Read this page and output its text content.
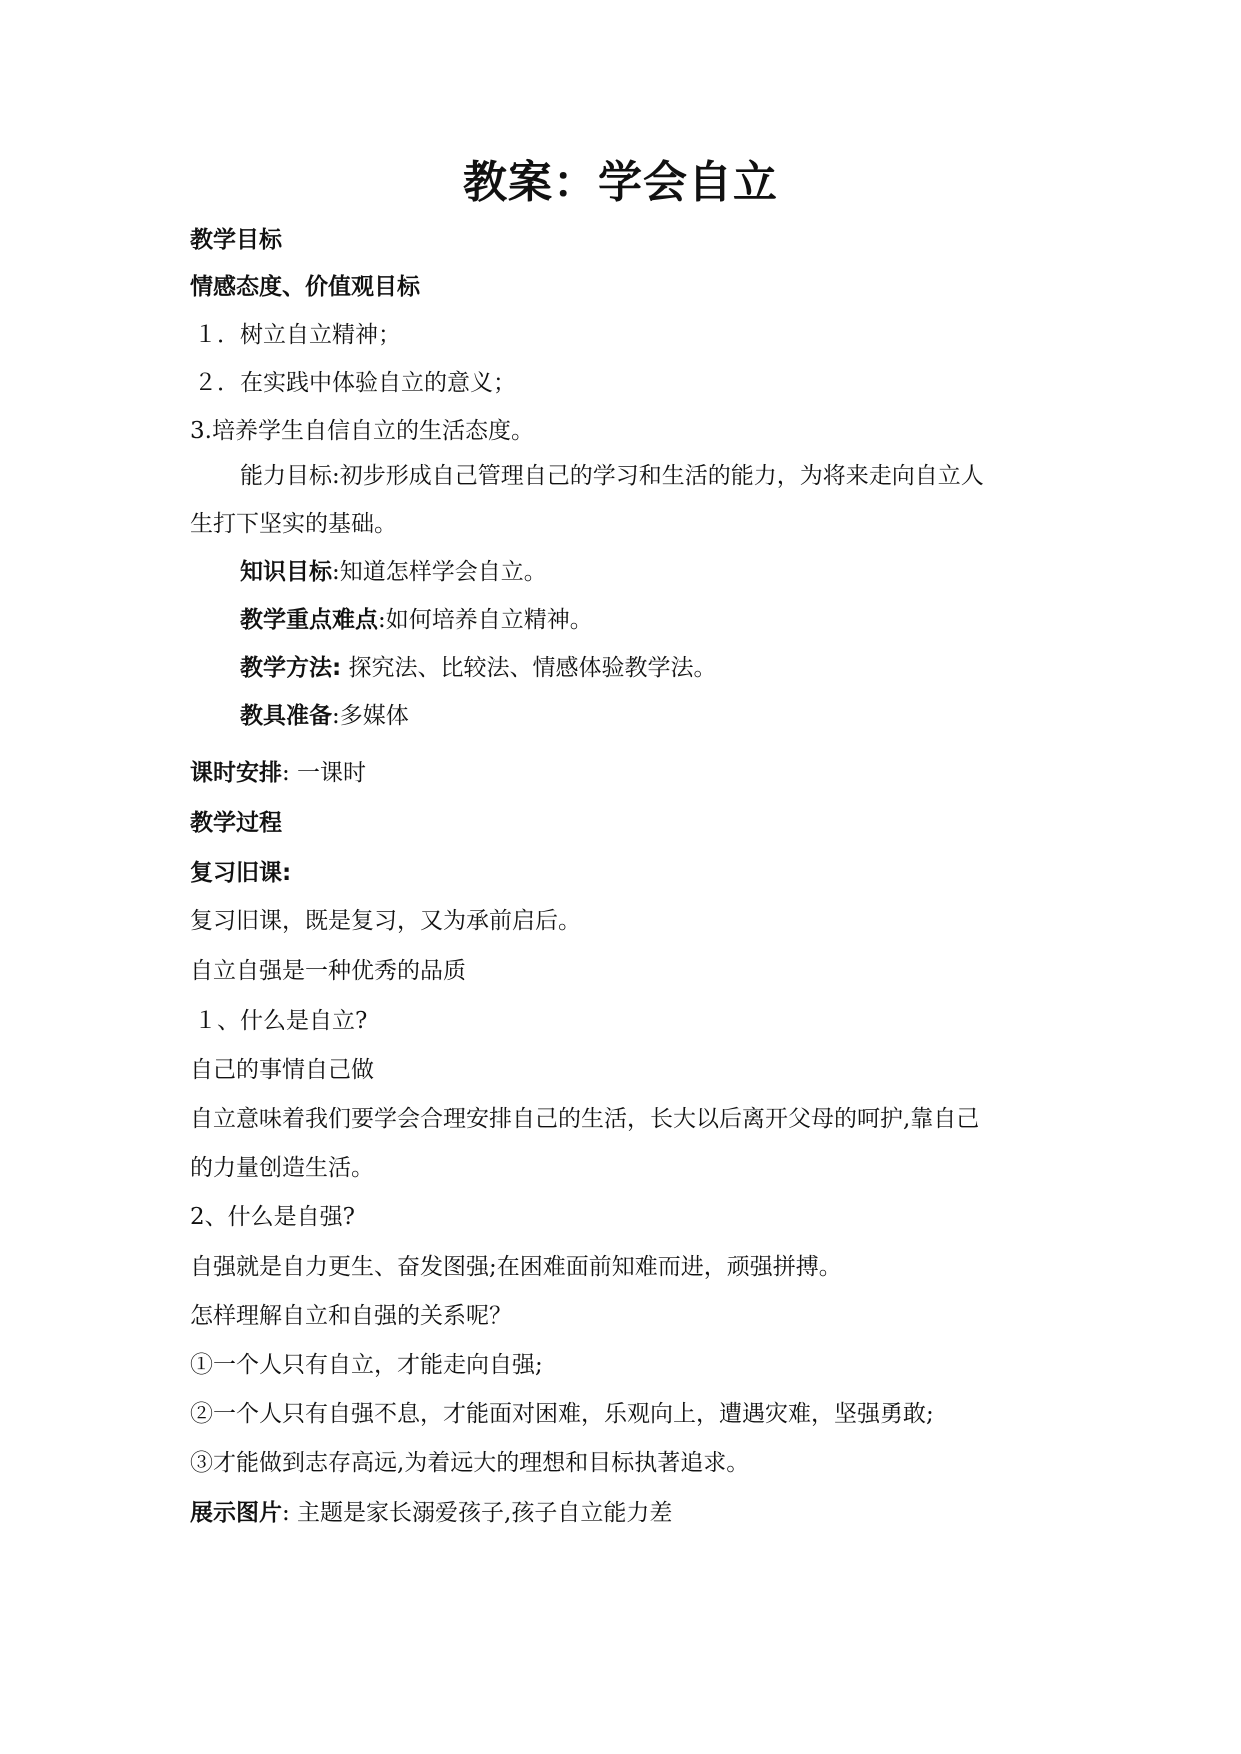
教案：学会自立
教学目标
情感态度、价值观目标
１．树立自立精神；
２．在实践中体验自立的意义；
3.培养学生自信自立的生活态度。
能力目标:初步形成自己管理自己的学习和生活的能力，为将来走向自立人
生打下坚实的基础。
知识目标:知道怎样学会自立。
教学重点难点:如何培养自立精神。
教学方法: 探究法、比较法、情感体验教学法。
教具准备:多媒体
课时安排: 一课时
教学过程
复习旧课:
复习旧课，既是复习，又为承前启后。
自立自强是一种优秀的品质
１、什么是自立?
自己的事情自己做
自立意味着我们要学会合理安排自己的生活，长大以后离开父母的呵护,靠自己
的力量创造生活。
2、什么是自强?
自强就是自力更生、奋发图强;在困难面前知难而进，顽强拼搏。
怎样理解自立和自强的关系呢？
①一个人只有自立，才能走向自强;
②一个人只有自强不息，才能面对困难，乐观向上，遭遇灾难，坚强勇敢;
③才能做到志存高远,为着远大的理想和目标执著追求。
展示图片: 主题是家长溺爱孩子,孩子自立能力差
